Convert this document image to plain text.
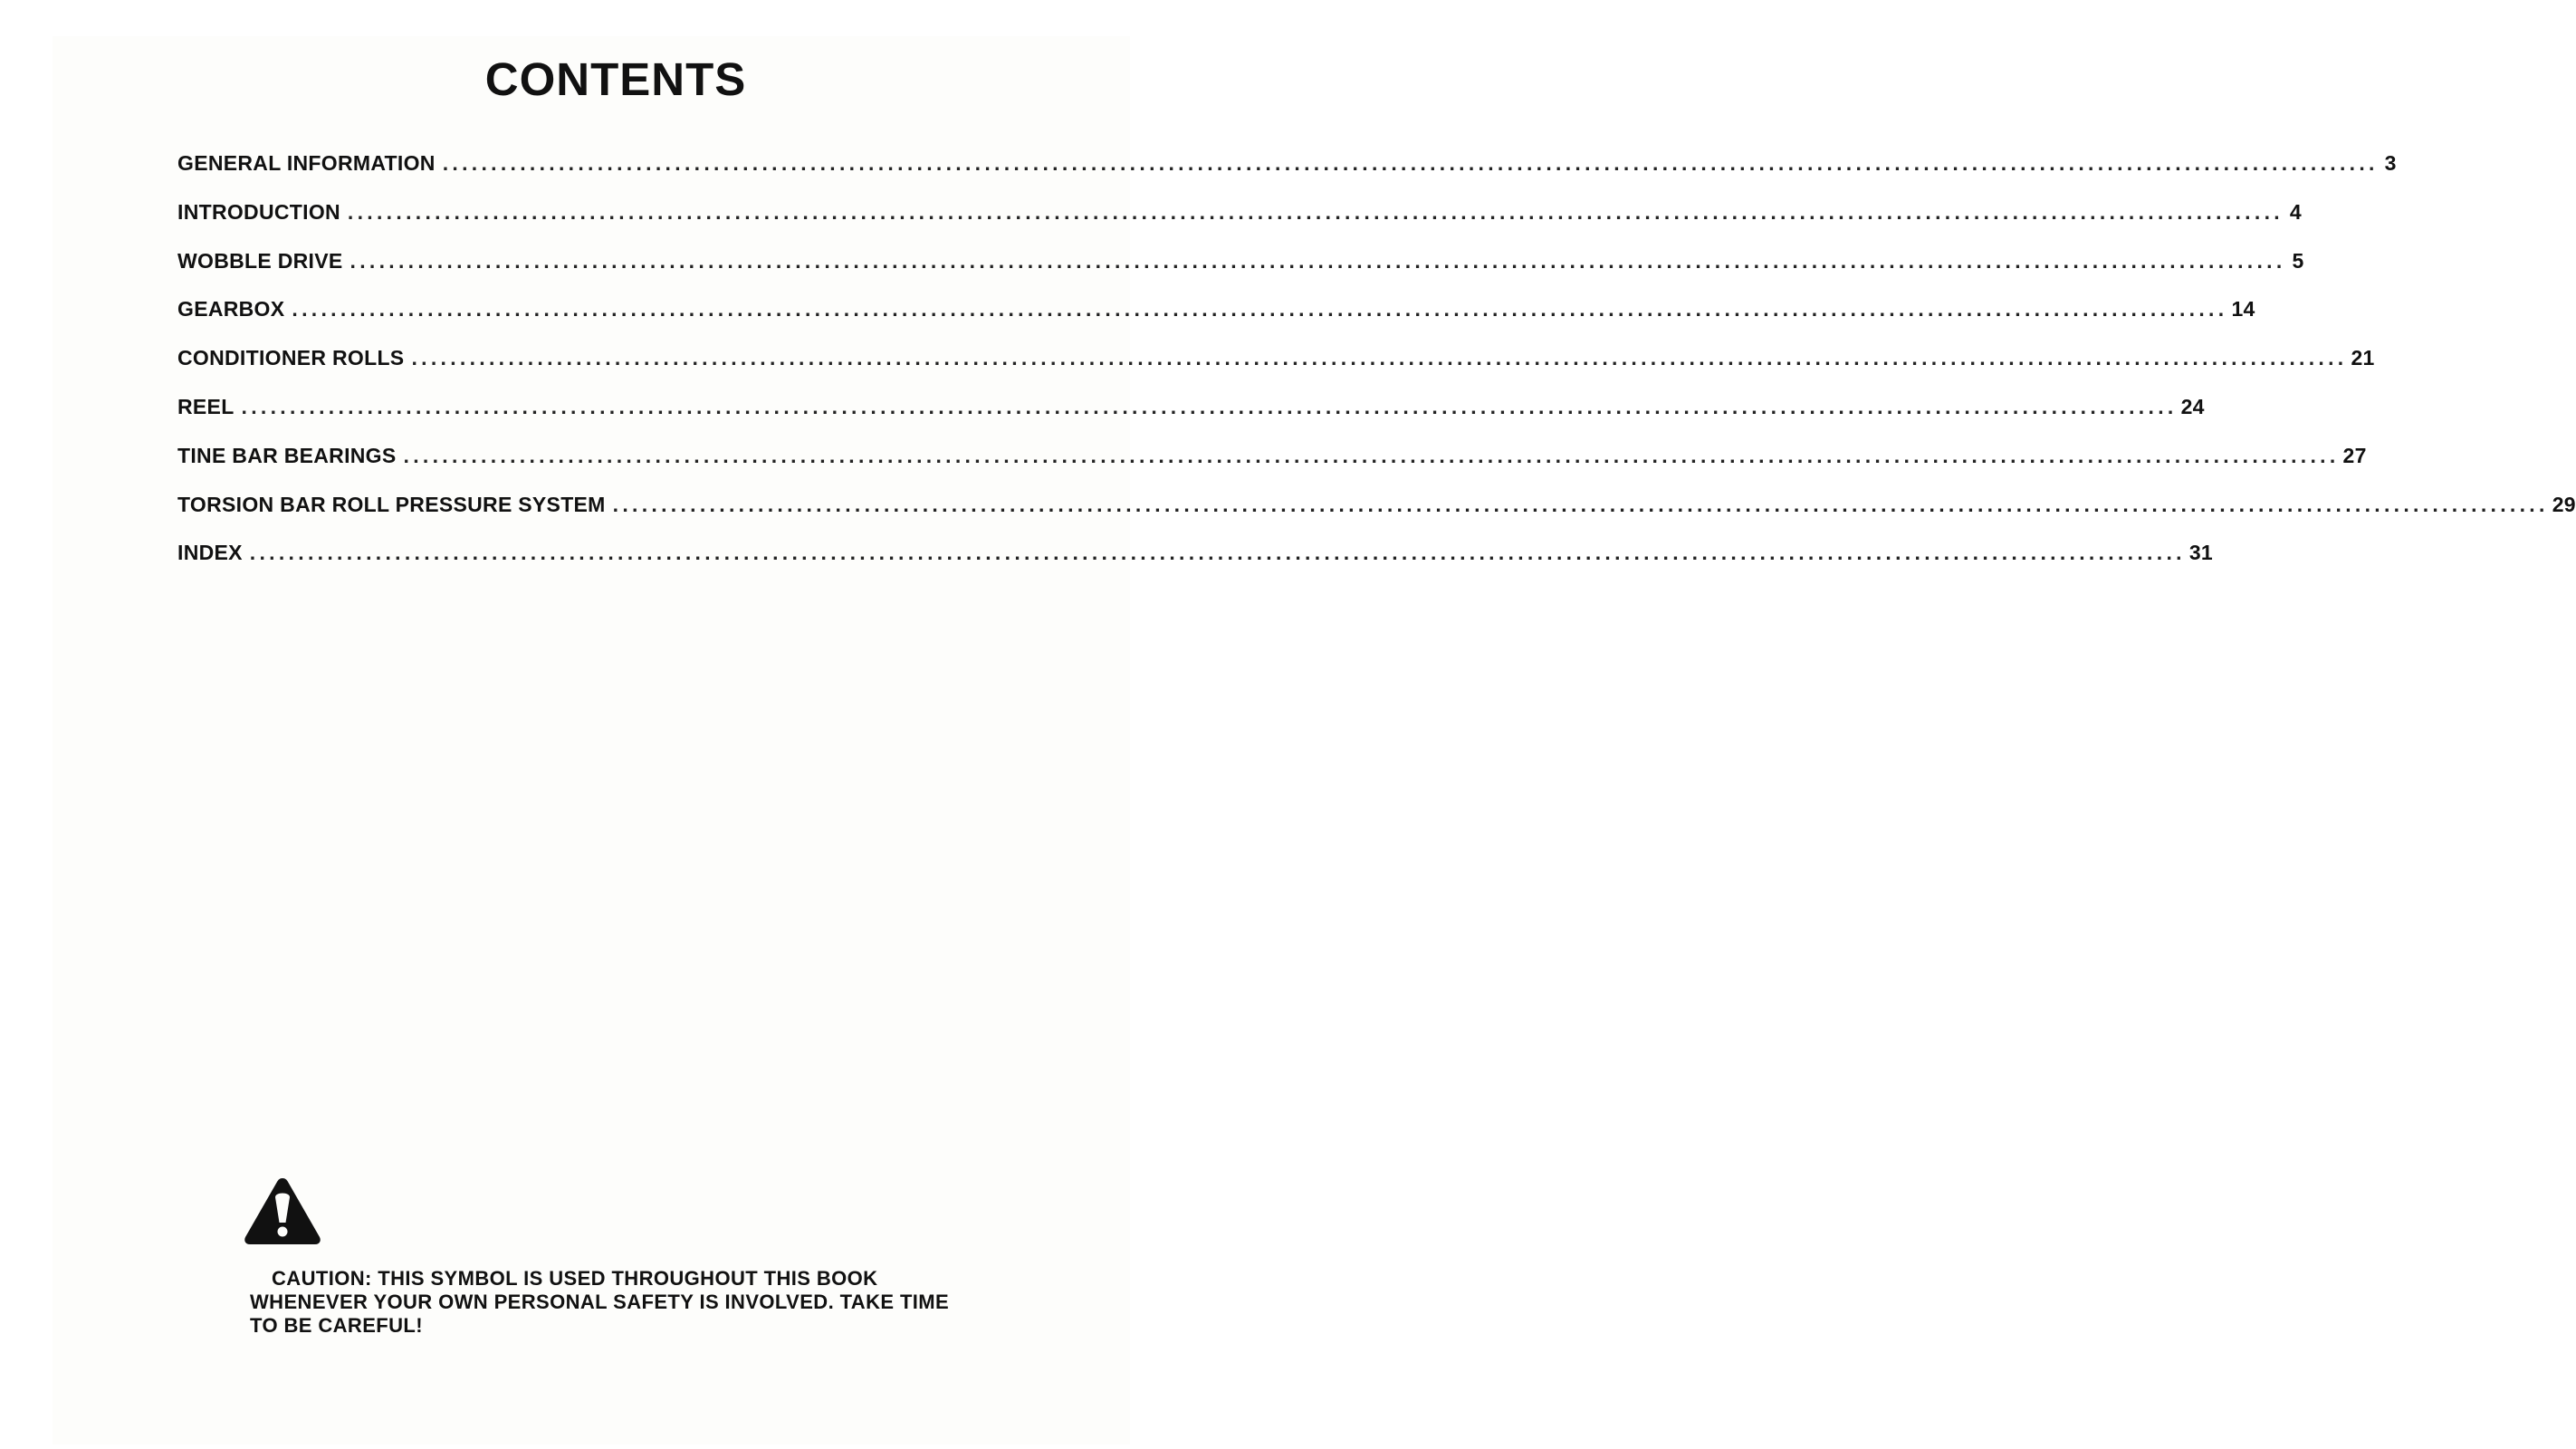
CONTENTS
GENERAL INFORMATION ........................................................................................................................................................................................................ 3
INTRODUCTION ........................................................................................................................................................................................................ 4
WOBBLE DRIVE ........................................................................................................................................................................................................ 5
GEARBOX ........................................................................................................................................................................................................ 14
CONDITIONER ROLLS ........................................................................................................................................................................................................ 21
REEL ........................................................................................................................................................................................................ 24
TINE BAR BEARINGS ........................................................................................................................................................................................................ 27
TORSION BAR ROLL PRESSURE SYSTEM ........................................................................................................................................................................................................ 29
INDEX ........................................................................................................................................................................................................ 31

CAUTION: THIS SYMBOL IS USED THROUGHOUT THIS BOOK WHENEVER YOUR OWN PERSONAL SAFETY IS INVOLVED. TAKE TIME TO BE CAREFUL!
